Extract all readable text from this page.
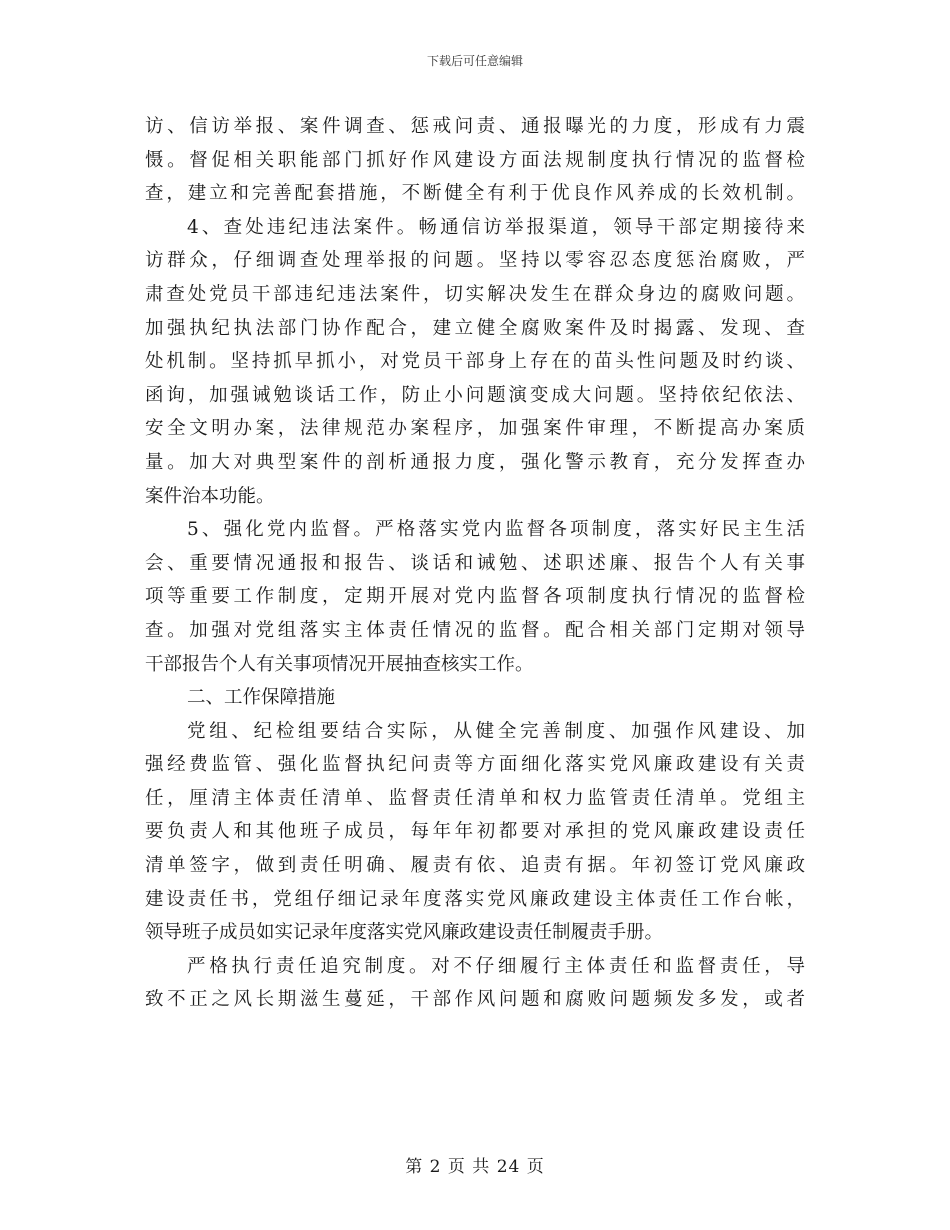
下载后可任意编辑
访、信访举报、案件调查、惩戒问责、通报曝光的力度，形成有力震
慑。督促相关职能部门抓好作风建设方面法规制度执行情况的监督检
查，建立和完善配套措施，不断健全有利于优良作风养成的长效机制。
4、查处违纪违法案件。畅通信访举报渠道，领导干部定期接待来
访群众，仔细调查处理举报的问题。坚持以零容忍态度惩治腐败，严
肃查处党员干部违纪违法案件，切实解决发生在群众身边的腐败问题。
加强执纪执法部门协作配合，建立健全腐败案件及时揭露、发现、查
处机制。坚持抓早抓小，对党员干部身上存在的苗头性问题及时约谈、
函询，加强诫勉谈话工作，防止小问题演变成大问题。坚持依纪依法、
安全文明办案，法律规范办案程序，加强案件审理，不断提高办案质
量。加大对典型案件的剖析通报力度，强化警示教育，充分发挥查办
案件治本功能。
5、强化党内监督。严格落实党内监督各项制度，落实好民主生活
会、重要情况通报和报告、谈话和诫勉、述职述廉、报告个人有关事
项等重要工作制度，定期开展对党内监督各项制度执行情况的监督检
查。加强对党组落实主体责任情况的监督。配合相关部门定期对领导
干部报告个人有关事项情况开展抽查核实工作。
二、工作保障措施
党组、纪检组要结合实际，从健全完善制度、加强作风建设、加
强经费监管、强化监督执纪问责等方面细化落实党风廉政建设有关责
任，厘清主体责任清单、监督责任清单和权力监管责任清单。党组主
要负责人和其他班子成员，每年年初都要对承担的党风廉政建设责任
清单签字，做到责任明确、履责有依、追责有据。年初签订党风廉政
建设责任书，党组仔细记录年度落实党风廉政建设主体责任工作台帐，
领导班子成员如实记录年度落实党风廉政建设责任制履责手册。
严格执行责任追究制度。对不仔细履行主体责任和监督责任，导
致不正之风长期滋生蔓延，干部作风问题和腐败问题频发多发，或者
第 2 页 共 24 页
